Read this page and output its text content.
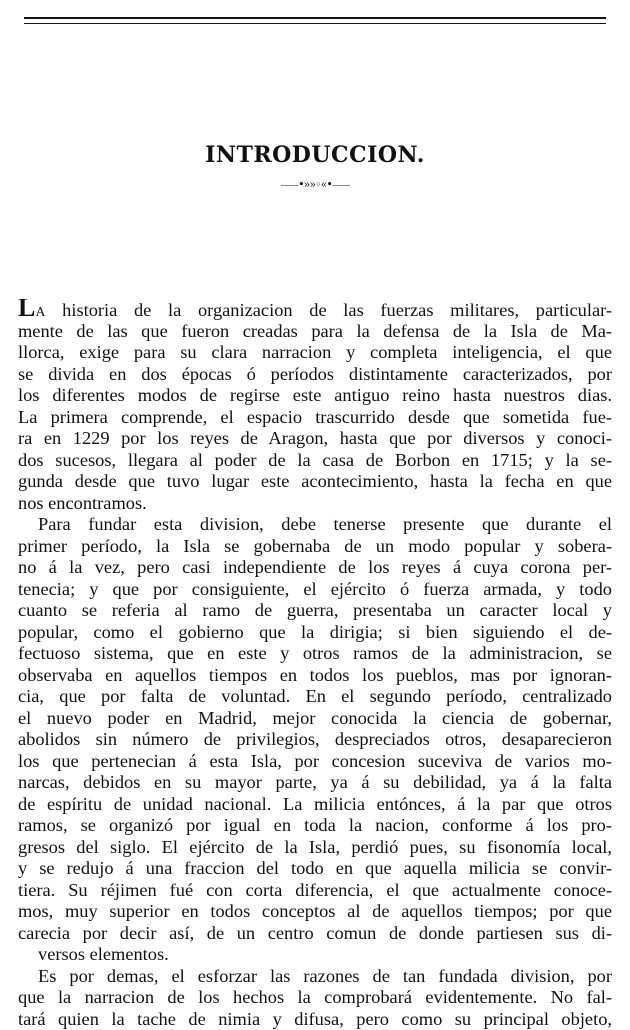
INTRODUCCION.
⸺•»»◦«•⸺
LA historia de la organizacion de las fuerzas militares, particular-
mente de las que fueron creadas para la defensa de la Isla de Ma-
llorca, exige para su clara narracion y completa inteligencia, el que
se divida en dos épocas ó períodos distintamente caracterizados, por
los diferentes modos de regirse este antiguo reino hasta nuestros dias.
La primera comprende, el espacio trascurrido desde que sometida fue-
ra en 1229 por los reyes de Aragon, hasta que por diversos y conoci-
dos sucesos, llegara al poder de la casa de Borbon en 1715; y la se-
gunda desde que tuvo lugar este acontecimiento, hasta la fecha en que
nos encontramos.
Para fundar esta division, debe tenerse presente que durante el
primer período, la Isla se gobernaba de un modo popular y sobera-
no á la vez, pero casi independiente de los reyes á cuya corona per-
tenecia; y que por consiguiente, el ejército ó fuerza armada, y todo
cuanto se referia al ramo de guerra, presentaba un caracter local y
popular, como el gobierno que la dirigia; si bien siguiendo el de-
fectuoso sistema, que en este y otros ramos de la administracion, se
observaba en aquellos tiempos en todos los pueblos, mas por ignoran-
cia, que por falta de voluntad. En el segundo período, centralizado
el nuevo poder en Madrid, mejor conocida la ciencia de gobernar,
abolidos sin número de privilegios, despreciados otros, desaparecieron
los que pertenecian á esta Isla, por concesion suceviva de varios mo-
narcas, debidos en su mayor parte, ya á su debilidad, ya á la falta
de espíritu de unidad nacional. La milicia entónces, á la par que otros
ramos, se organizó por igual en toda la nacion, conforme á los pro-
gresos del siglo. El ejército de la Isla, perdió pues, su fisonomía local,
y se redujo á una fraccion del todo en que aquella milicia se convir-
tiera. Su réjimen fué con corta diferencia, el que actualmente conoce-
mos, muy superior en todos conceptos al de aquellos tiempos; por que
carecia por decir así, de un centro comun de donde partiesen sus di-
versos elementos.
Es por demas, el esforzar las razones de tan fundada division, por
que la narracion de los hechos la comprobará evidentemente. No fal-
tará quien la tache de nimia y difusa, pero como su principal objeto,
